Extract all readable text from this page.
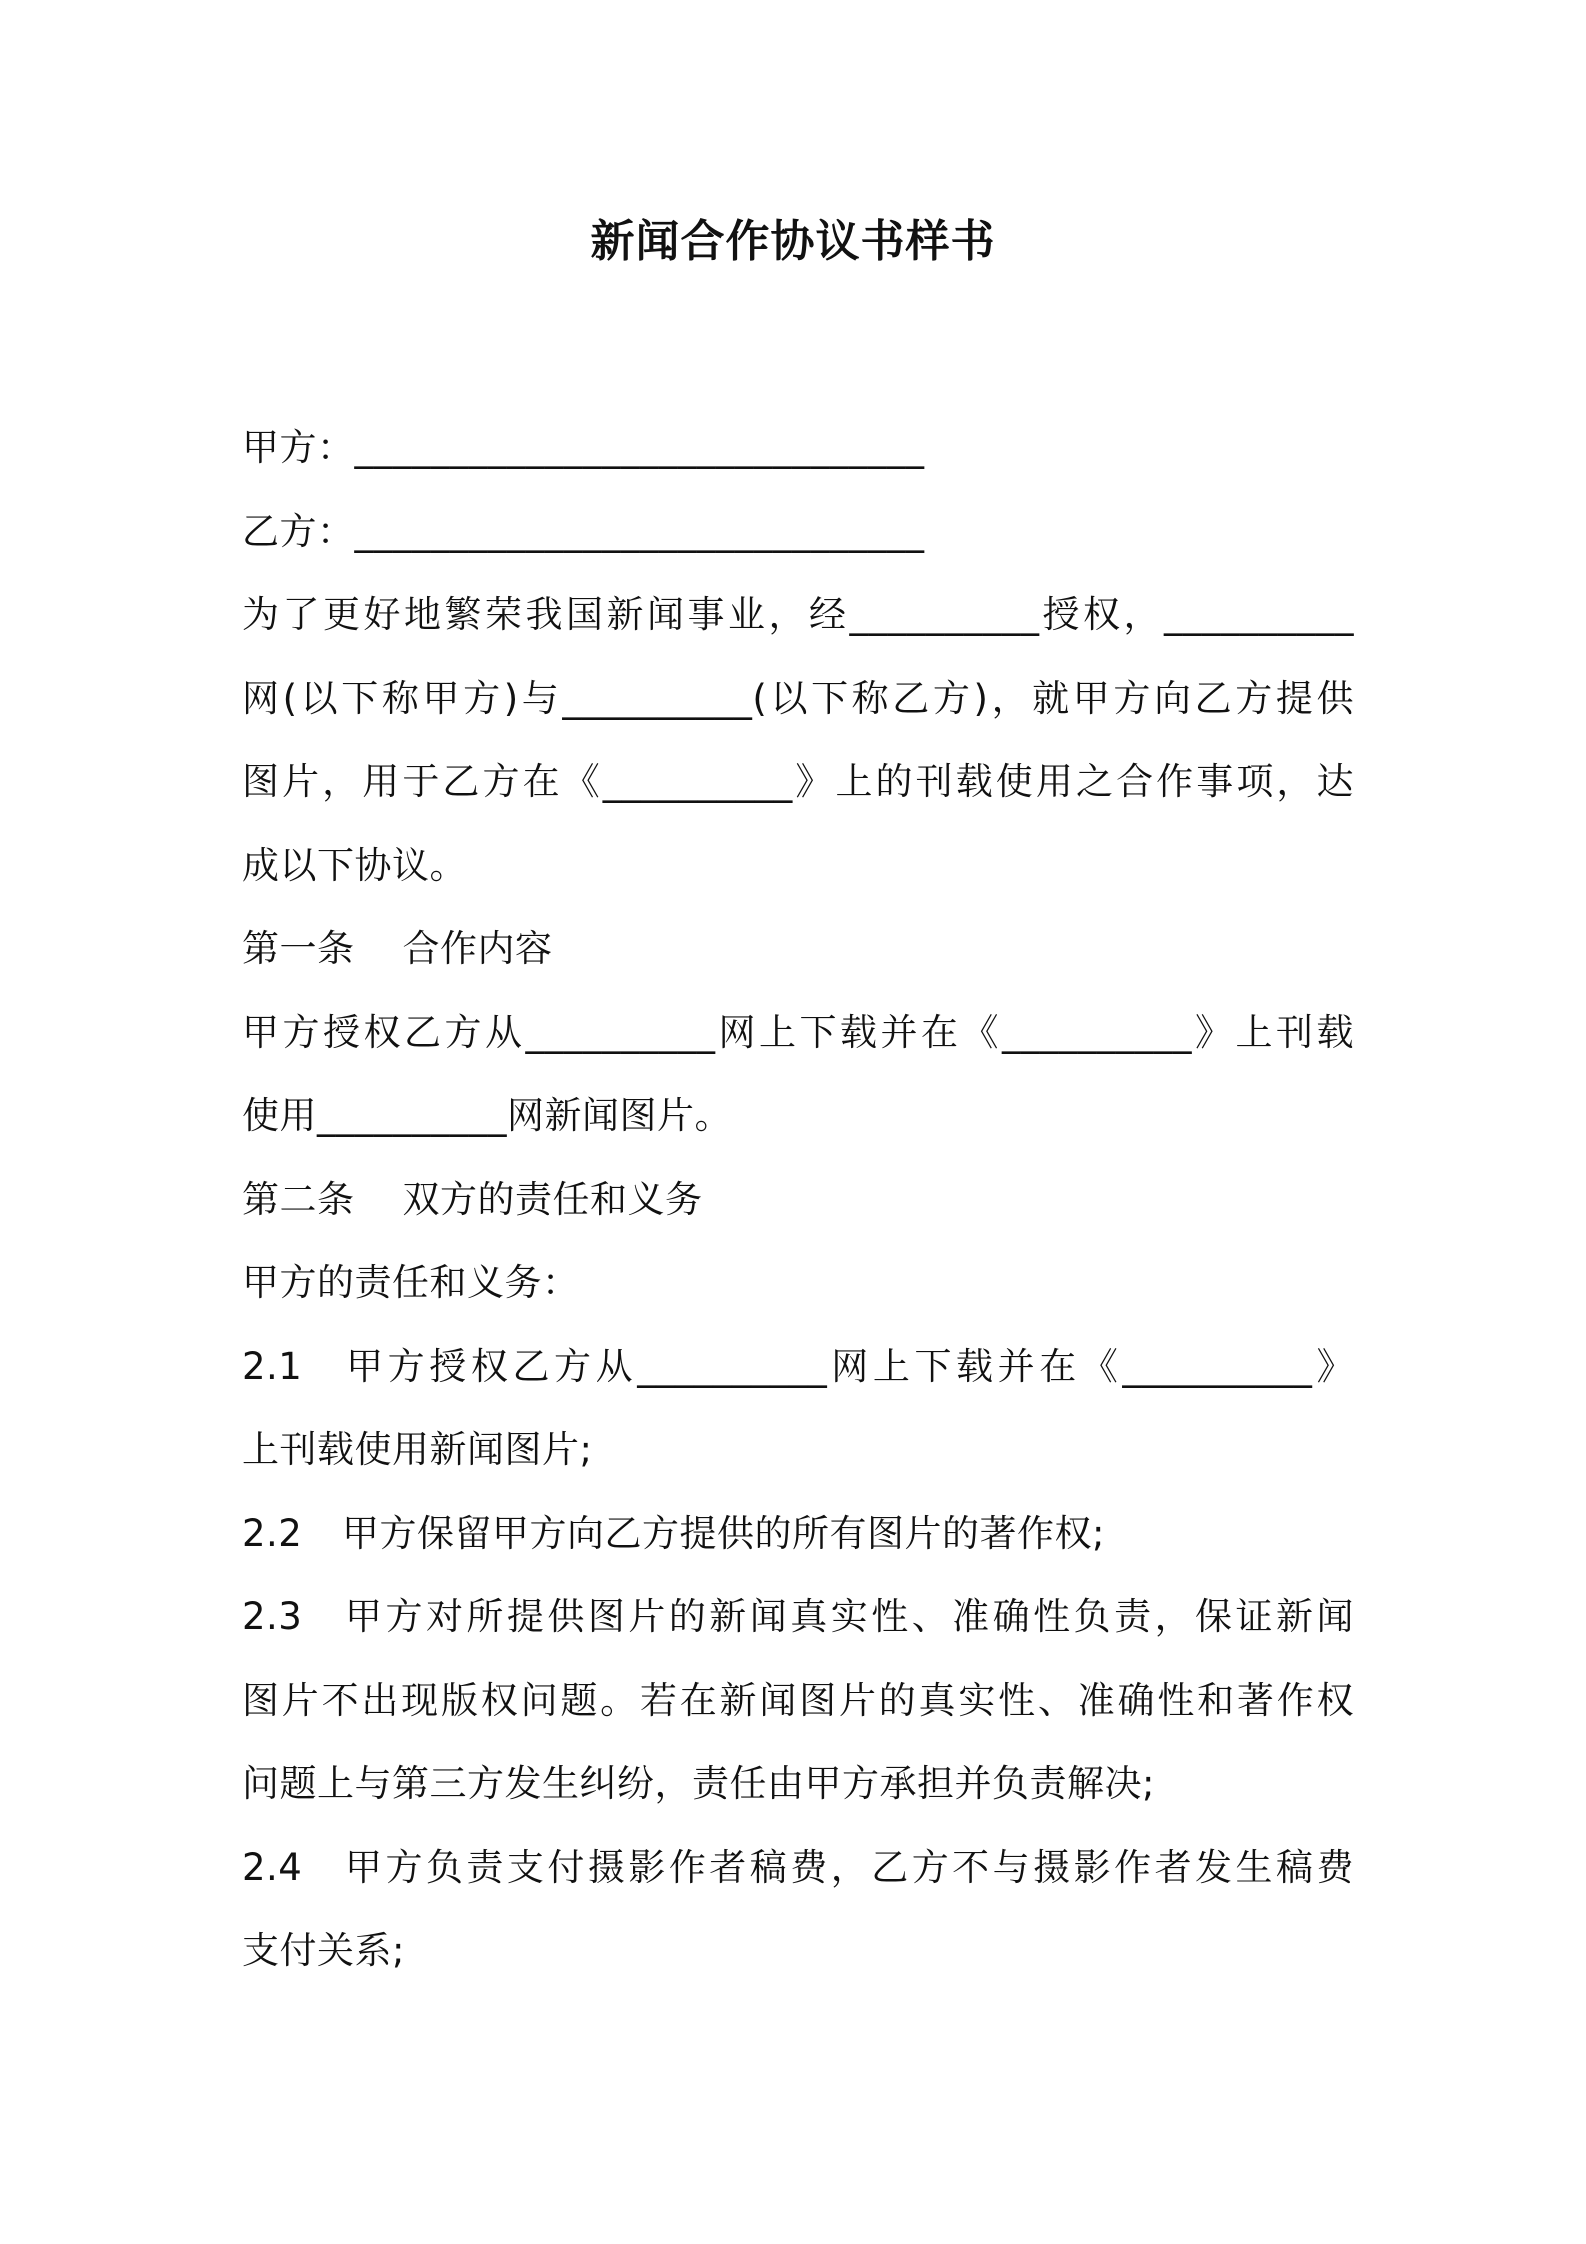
新闻合作协议书样书

甲方：______________________________

乙方：______________________________

为了更好地繁荣我国新闻事业，经__________授权，__________

网(以下称甲方)与__________(以下称乙方)，就甲方向乙方提供

图片，用于乙方在《__________》上的刊载使用之合作事项，达

成以下协议。

第一条 合作内容

甲方授权乙方从__________网上下载并在《__________》上刊载

使用__________网新闻图片。

第二条 双方的责任和义务

甲方的责任和义务：

2.1 甲方授权乙方从__________网上下载并在《__________》

上刊载使用新闻图片;

2.2 甲方保留甲方向乙方提供的所有图片的著作权;

2.3 甲方对所提供图片的新闻真实性、准确性负责，保证新闻

图片不出现版权问题。若在新闻图片的真实性、准确性和著作权

问题上与第三方发生纠纷，责任由甲方承担并负责解决;

2.4 甲方负责支付摄影作者稿费，乙方不与摄影作者发生稿费

支付关系;
